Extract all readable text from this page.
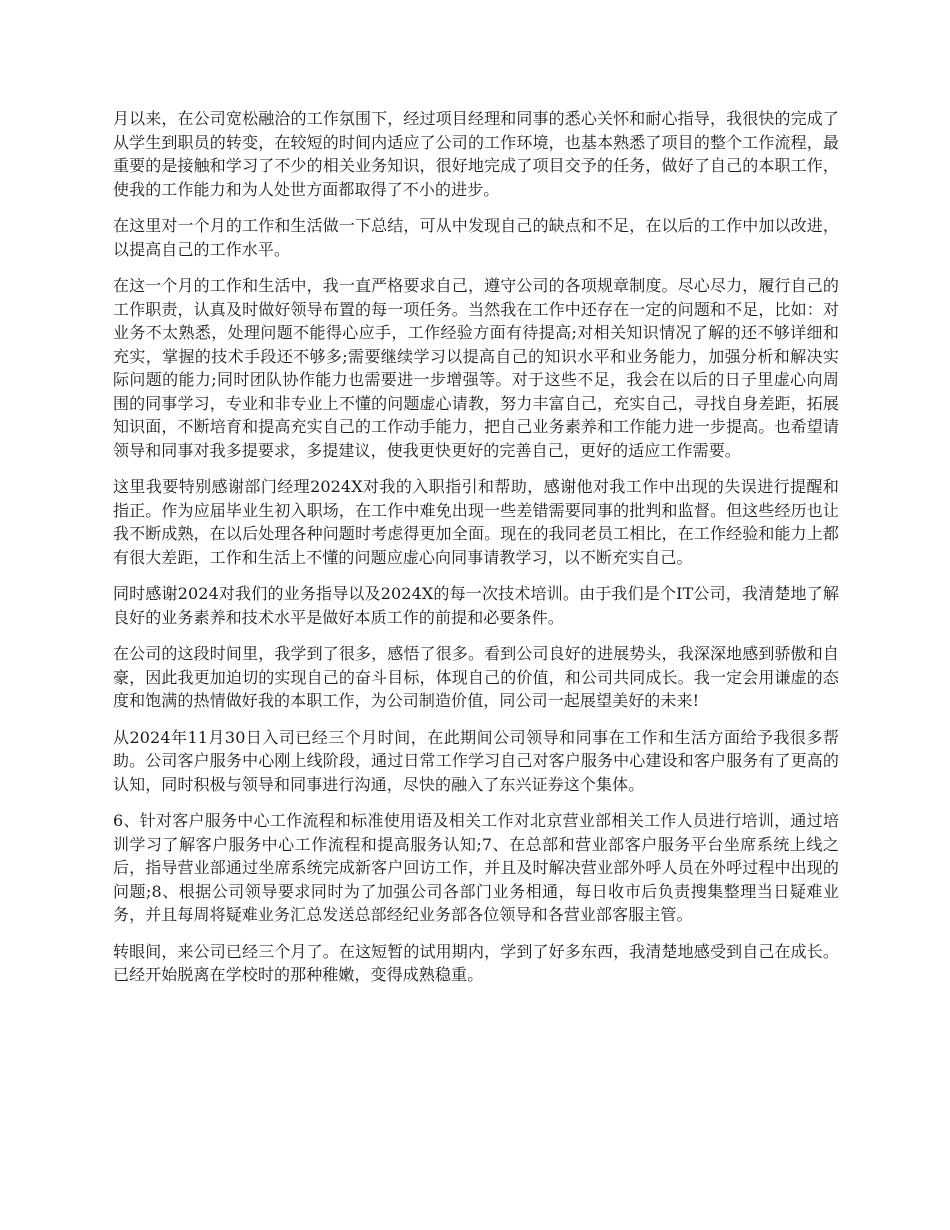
月以来，在公司宽松融洽的工作氛围下，经过项目经理和同事的悉心关怀和耐心指导，我很快的完成了从学生到职员的转变，在较短的时间内适应了公司的工作环境，也基本熟悉了项目的整个工作流程，最重要的是接触和学习了不少的相关业务知识，很好地完成了项目交予的任务，做好了自己的本职工作，使我的工作能力和为人处世方面都取得了不小的进步。

在这里对一个月的工作和生活做一下总结，可从中发现自己的缺点和不足，在以后的工作中加以改进，以提高自己的工作水平。

在这一个月的工作和生活中，我一直严格要求自己，遵守公司的各项规章制度。尽心尽力，履行自己的工作职责，认真及时做好领导布置的每一项任务。当然我在工作中还存在一定的问题和不足，比如：对业务不太熟悉，处理问题不能得心应手，工作经验方面有待提高;对相关知识情况了解的还不够详细和充实，掌握的技术手段还不够多;需要继续学习以提高自己的知识水平和业务能力，加强分析和解决实际问题的能力;同时团队协作能力也需要进一步增强等。对于这些不足，我会在以后的日子里虚心向周围的同事学习，专业和非专业上不懂的问题虚心请教，努力丰富自己，充实自己，寻找自身差距，拓展知识面，不断培育和提高充实自己的工作动手能力，把自己业务素养和工作能力进一步提高。也希望请领导和同事对我多提要求，多提建议，使我更快更好的完善自己，更好的适应工作需要。

这里我要特别感谢部门经理2024X对我的入职指引和帮助，感谢他对我工作中出现的失误进行提醒和指正。作为应届毕业生初入职场，在工作中难免出现一些差错需要同事的批判和监督。但这些经历也让我不断成熟，在以后处理各种问题时考虑得更加全面。现在的我同老员工相比，在工作经验和能力上都有很大差距，工作和生活上不懂的问题应虚心向同事请教学习，以不断充实自己。

同时感谢2024对我们的业务指导以及2024X的每一次技术培训。由于我们是个IT公司，我清楚地了解良好的业务素养和技术水平是做好本质工作的前提和必要条件。

在公司的这段时间里，我学到了很多，感悟了很多。看到公司良好的进展势头，我深深地感到骄傲和自豪，因此我更加迫切的实现自己的奋斗目标，体现自己的价值，和公司共同成长。我一定会用谦虚的态度和饱满的热情做好我的本职工作，为公司制造价值，同公司一起展望美好的未来!

从2024年11月30日入司已经三个月时间，在此期间公司领导和同事在工作和生活方面给予我很多帮助。公司客户服务中心刚上线阶段，通过日常工作学习自己对客户服务中心建设和客户服务有了更高的认知，同时积极与领导和同事进行沟通，尽快的融入了东兴证券这个集体。

6、针对客户服务中心工作流程和标准使用语及相关工作对北京营业部相关工作人员进行培训，通过培训学习了解客户服务中心工作流程和提高服务认知;7、在总部和营业部客户服务平台坐席系统上线之后，指导营业部通过坐席系统完成新客户回访工作，并且及时解决营业部外呼人员在外呼过程中出现的问题;8、根据公司领导要求同时为了加强公司各部门业务相通，每日收市后负责搜集整理当日疑难业务，并且每周将疑难业务汇总发送总部经纪业务部各位领导和各营业部客服主管。

转眼间，来公司已经三个月了。在这短暂的试用期内，学到了好多东西，我清楚地感受到自己在成长。已经开始脱离在学校时的那种稚嫩，变得成熟稳重。
